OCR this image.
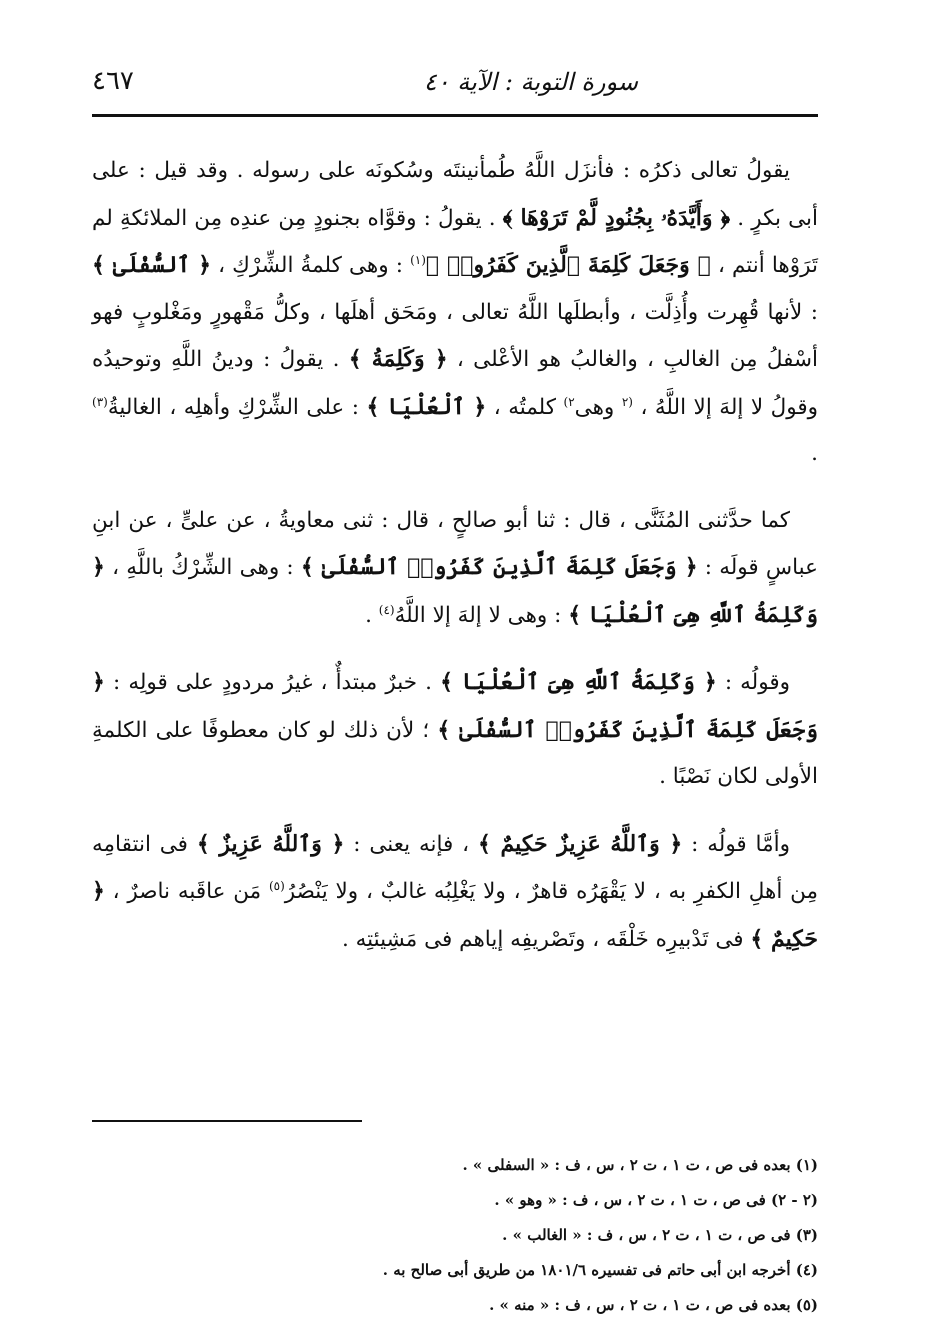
سورة التوبة : الآية ٤٠
٤٦٧

يقولُ تعالى ذكرُه : فأنزَل اللَّهُ طُمأنينتَه وسُكونَه على رسوله . وقد قيل : على أبى بكرٍ . ﴿ وَأَيَّدَهُۥ بِجُنُودٍ لَّمْ تَرَوْهَا ﴾ . يقولُ : وقوَّاه بجنودٍ مِن عندِه مِن الملائكةِ لم تَرَوْها أنتم ، ﴿ وَجَعَلَ كَلِمَةَ ٱلَّذِينَ كَفَرُوا۟ ﴾$^{(١)}$ : وهى كلمةُ الشِّرْكِ ، ﴿ ٱلسُّفْلَىٰ ﴾ : لأنها قُهِرت وأُذِلَّت ، وأبطلَها اللَّهُ تعالى ، ومَحَق أهلَها ، وكلُّ مَقْهورٍ ومَغْلوبٍ فهو أسْفلُ مِن الغالبِ ، والغالبُ هو الأعْلى ، ﴿ وَكَلِمَةُ ﴾ . يقولُ : ودينُ اللَّهِ وتوحيدُه وقولُ لا إلهَ إلا اللَّهُ ، $^{(٢}$ وهى$^{٢)}$ كلمتُه ، ﴿ ٱلْعُلْيَا ﴾ : على الشِّرْكِ وأهلِه ، الغاليةُ$^{(٣)}$ .

كما حدَّثنى المُثَنَّى ، قال : ثنا أبو صالحٍ ، قال : ثنى معاويةُ ، عن علىٍّ ، عن ابنِ عباسٍ قولَه : ﴿ وَجَعَلَ كَلِمَةَ ٱلَّذِينَ كَفَرُوا۟ ٱلسُّفْلَىٰ ﴾ : وهى الشِّرْكُ باللَّهِ ، ﴿ وَكَلِمَةُ ٱللَّهِ هِىَ ٱلْعُلْيَا ﴾ : وهى لا إلهَ إلا اللَّهُ$^{(٤)}$ .

وقولُه : ﴿ وَكَلِمَةُ ٱللَّهِ هِىَ ٱلْعُلْيَا ﴾ . خبرٌ مبتدأٌ ، غيرُ مردودٍ على قولِه : ﴿ وَجَعَلَ كَلِمَةَ ٱلَّذِينَ كَفَرُوا۟ ٱلسُّفْلَىٰ ﴾ ؛ لأن ذلك لو كان معطوفًا على الكلمةِ الأولى لكان نَصْبًا .

وأمَّا قولُه : ﴿ وَٱللَّهُ عَزِيزٌ حَكِيمٌ ﴾ ، فإنه يعنى : ﴿ وَٱللَّهُ عَزِيزٌ ﴾ فى انتقامِه مِن أهلِ الكفرِ به ، لا يَقْهَرُه قاهرٌ ، ولا يَغْلِبُه غالبٌ ، ولا يَنْصُرُ$^{(٥)}$ مَن عاقَبه ناصرٌ ، ﴿ حَكِيمٌ ﴾ فى تَدْبيرِه خَلْقَه ، وتَصْريفِه إياهم فى مَشِيئتِه .

(١) بعده فى ص ، ت ١ ، ت ٢ ، س ، ف : « السفلى » .

(٢ - ٢) فى ص ، ت ١ ، ت ٢ ، س ، ف : « وهو » .

(٣) فى ص ، ت ١ ، ت ٢ ، س ، ف : « الغالب » .

(٤) أخرجه ابن أبى حاتم فى تفسيره ١٨٠١/٦ من طريق أبى صالح به .

(٥) بعده فى ص ، ت ١ ، ت ٢ ، س ، ف : « منه » .
